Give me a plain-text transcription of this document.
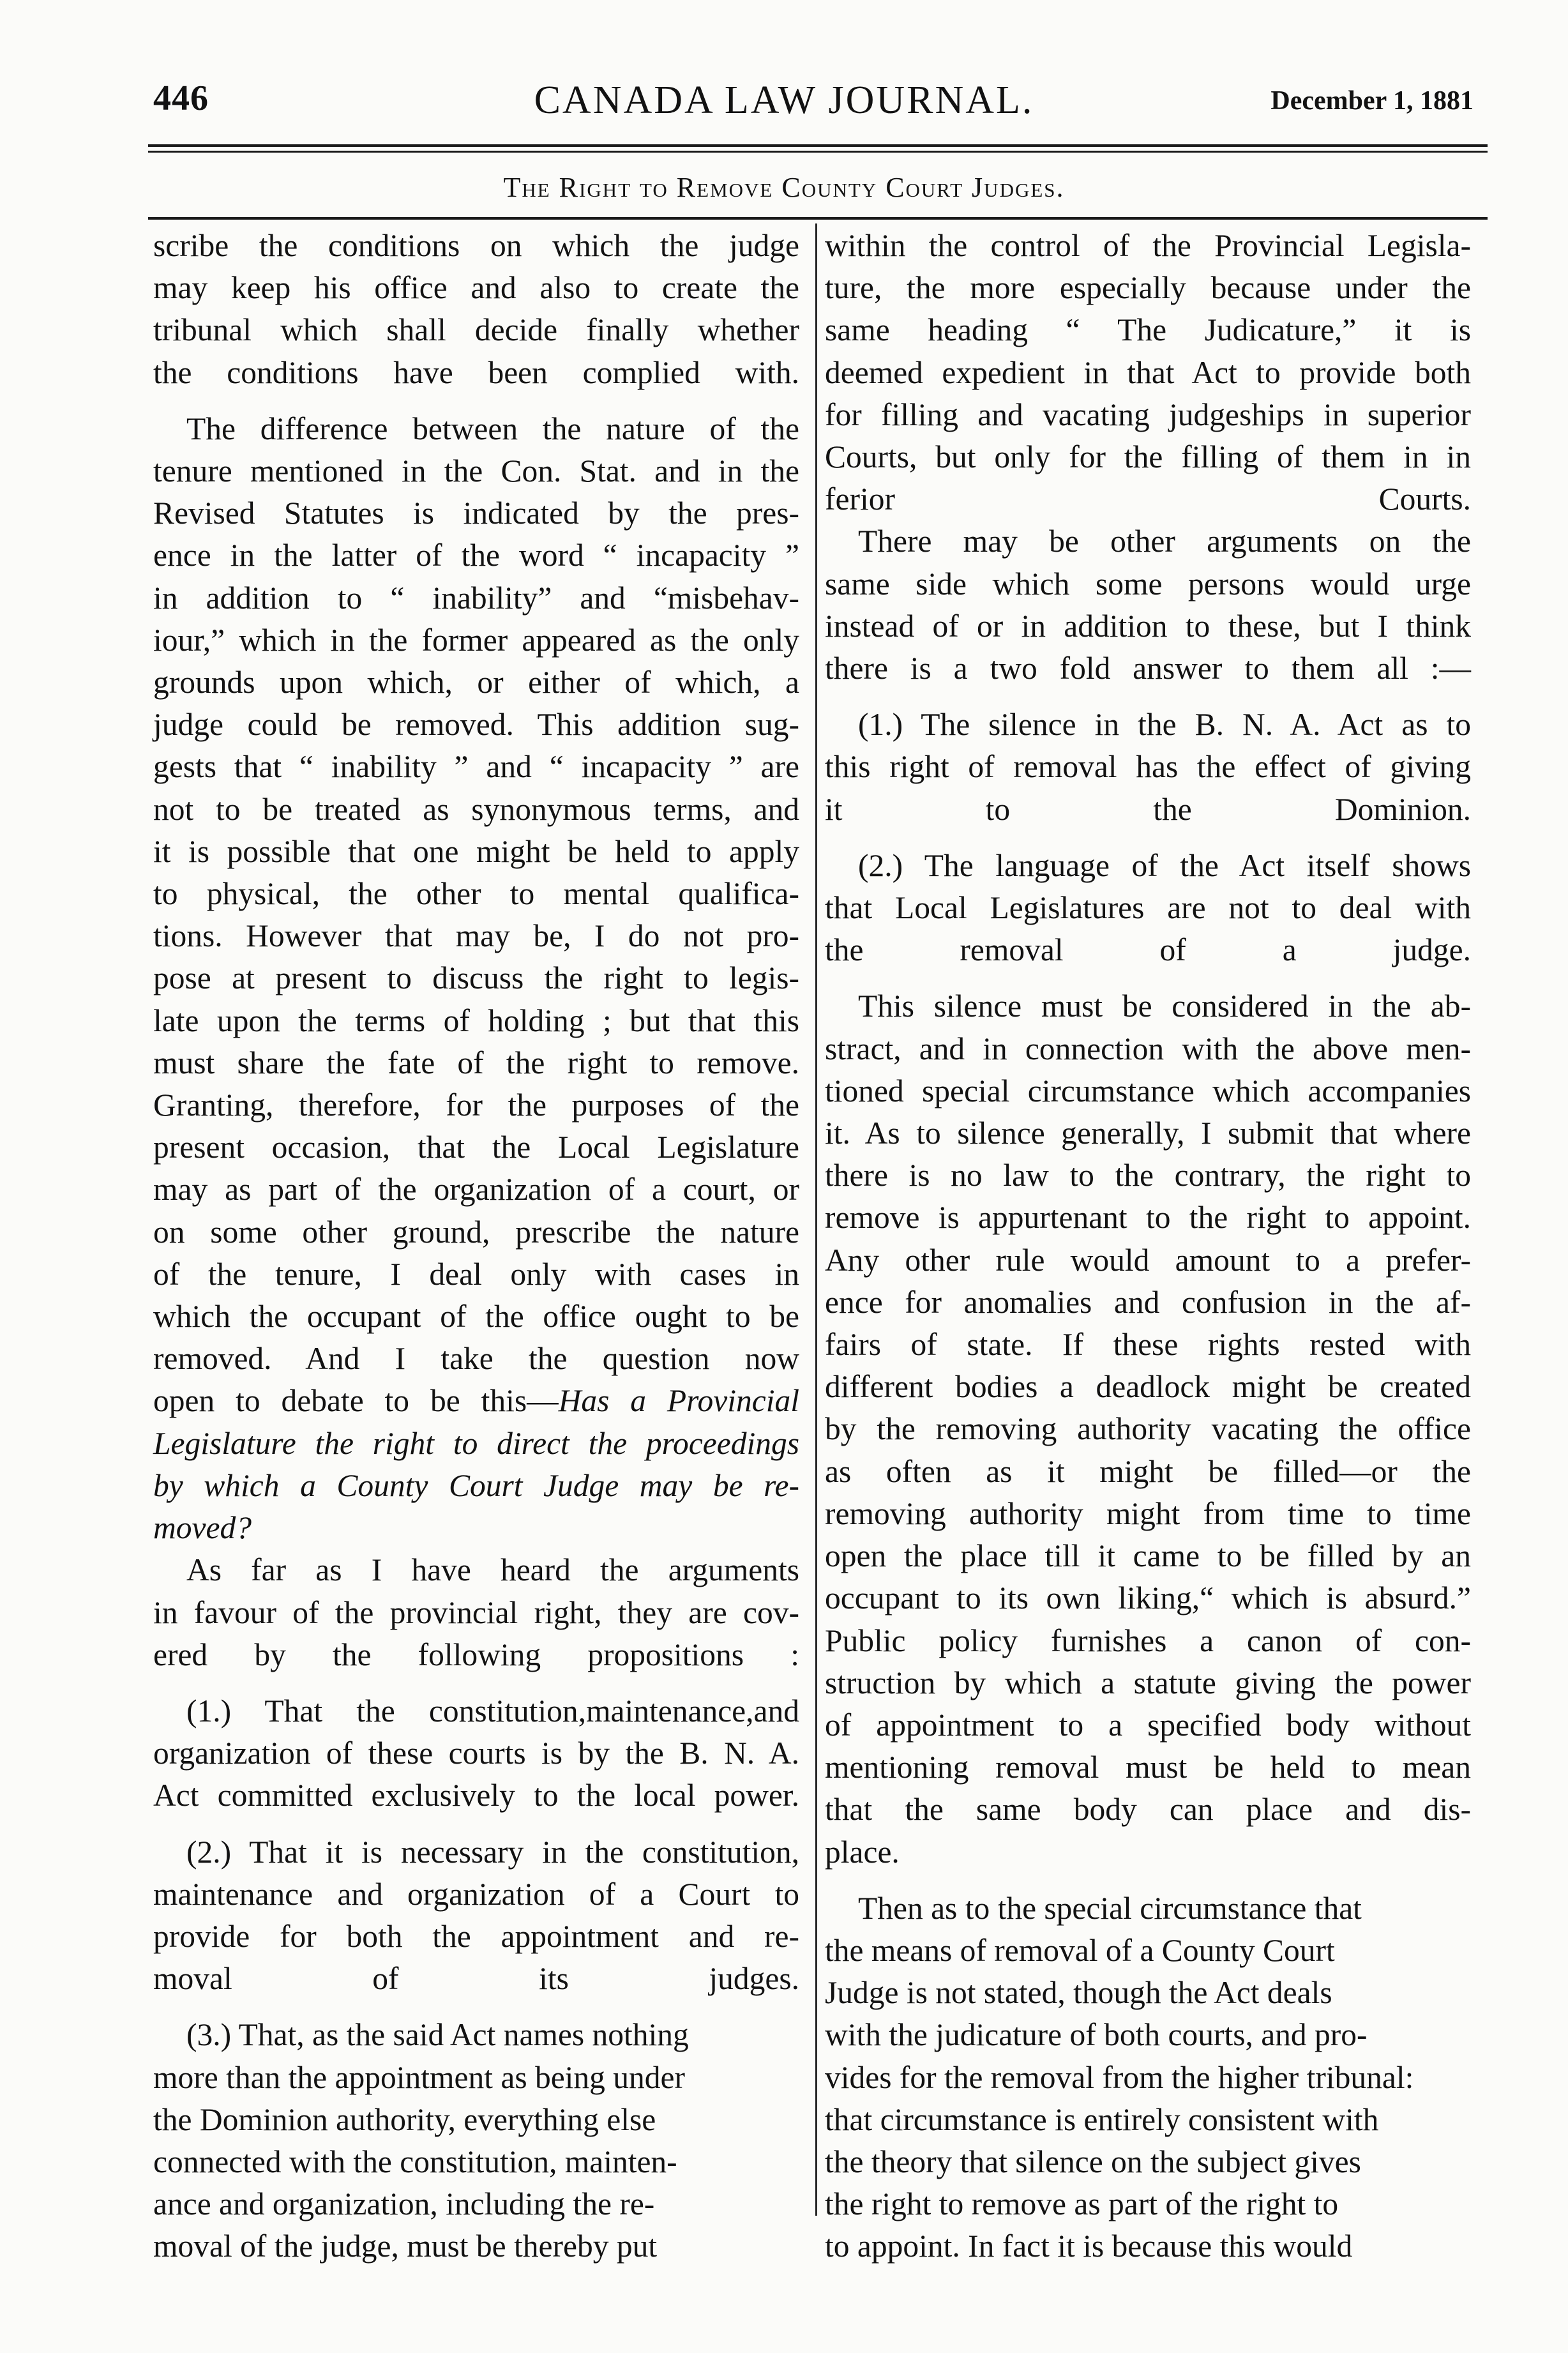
446	CANADA LAW JOURNAL.	December 1, 1881
The Right to Remove County Court Judges.

scribe the conditions on which the judge
may keep his office and also to create the
tribunal which shall decide finally whether
the conditions have been complied with.

The difference between the nature of the
tenure mentioned in the Con. Stat. and in the
Revised Statutes is indicated by the pres-
ence in the latter of the word “ incapacity ”
in addition to “ inability” and “misbehav-
iour,” which in the former appeared as the only
grounds upon which, or either of which, a
judge could be removed. This addition sug-
gests that “ inability ” and “ incapacity ” are
not to be treated as synonymous terms, and
it is possible that one might be held to apply
to physical, the other to mental qualifica-
tions. However that may be, I do not pro-
pose at present to discuss the right to legis-
late upon the terms of holding ; but that this
must share the fate of the right to remove.
Granting, therefore, for the purposes of the
present occasion, that the Local Legislature
may as part of the organization of a court, or
on some other ground, prescribe the nature
of the tenure, I deal only with cases in
which the occupant of the office ought to be
removed. And I take the question now
open to debate to be this—Has a Provincial
Legislature the right to direct the proceedings
by which a County Court Judge may be re-
moved?

As far as I have heard the arguments
in favour of the provincial right, they are cov-
ered by the following propositions :

(1.) That the constitution,maintenance,and
organization of these courts is by the B. N. A.
Act committed exclusively to the local power.

(2.) That it is necessary in the constitution,
maintenance and organization of a Court to
provide for both the appointment and re-
moval of its judges.

(3.) That, as the said Act names nothing
more than the appointment as being under
the Dominion authority, everything else
connected with the constitution, mainten-
ance and organization, including the re-
moval of the judge, must be thereby put

within the control of the Provincial Legisla-
ture, the more especially because under the
same heading “ The Judicature,” it is
deemed expedient in that Act to provide both
for filling and vacating judgeships in superior
Courts, but only for the filling of them in in
ferior Courts.

There may be other arguments on the
same side which some persons would urge
instead of or in addition to these, but I think
there is a two fold answer to them all :—

(1.) The silence in the B. N. A. Act as to
this right of removal has the effect of giving
it to the Dominion.

(2.) The language of the Act itself shows
that Local Legislatures are not to deal with
the removal of a judge.

This silence must be considered in the ab-
stract, and in connection with the above men-
tioned special circumstance which accompanies
it. As to silence generally, I submit that where
there is no law to the contrary, the right to
remove is appurtenant to the right to appoint.
Any other rule would amount to a prefer-
ence for anomalies and confusion in the af-
fairs of state. If these rights rested with
different bodies a deadlock might be created
by the removing authority vacating the office
as often as it might be filled—or the
removing authority might from time to time
open the place till it came to be filled by an
occupant to its own liking,“ which is absurd.”
Public policy furnishes a canon of con-
struction by which a statute giving the power
of appointment to a specified body without
mentioning removal must be held to mean
that the same body can place and dis-
place.

Then as to the special circumstance that
the means of removal of a County Court
Judge is not stated, though the Act deals
with the judicature of both courts, and pro-
vides for the removal from the higher tribunal:
that circumstance is entirely consistent with
the theory that silence on the subject gives
the right to remove as part of the right to
to appoint. In fact it is because this would
